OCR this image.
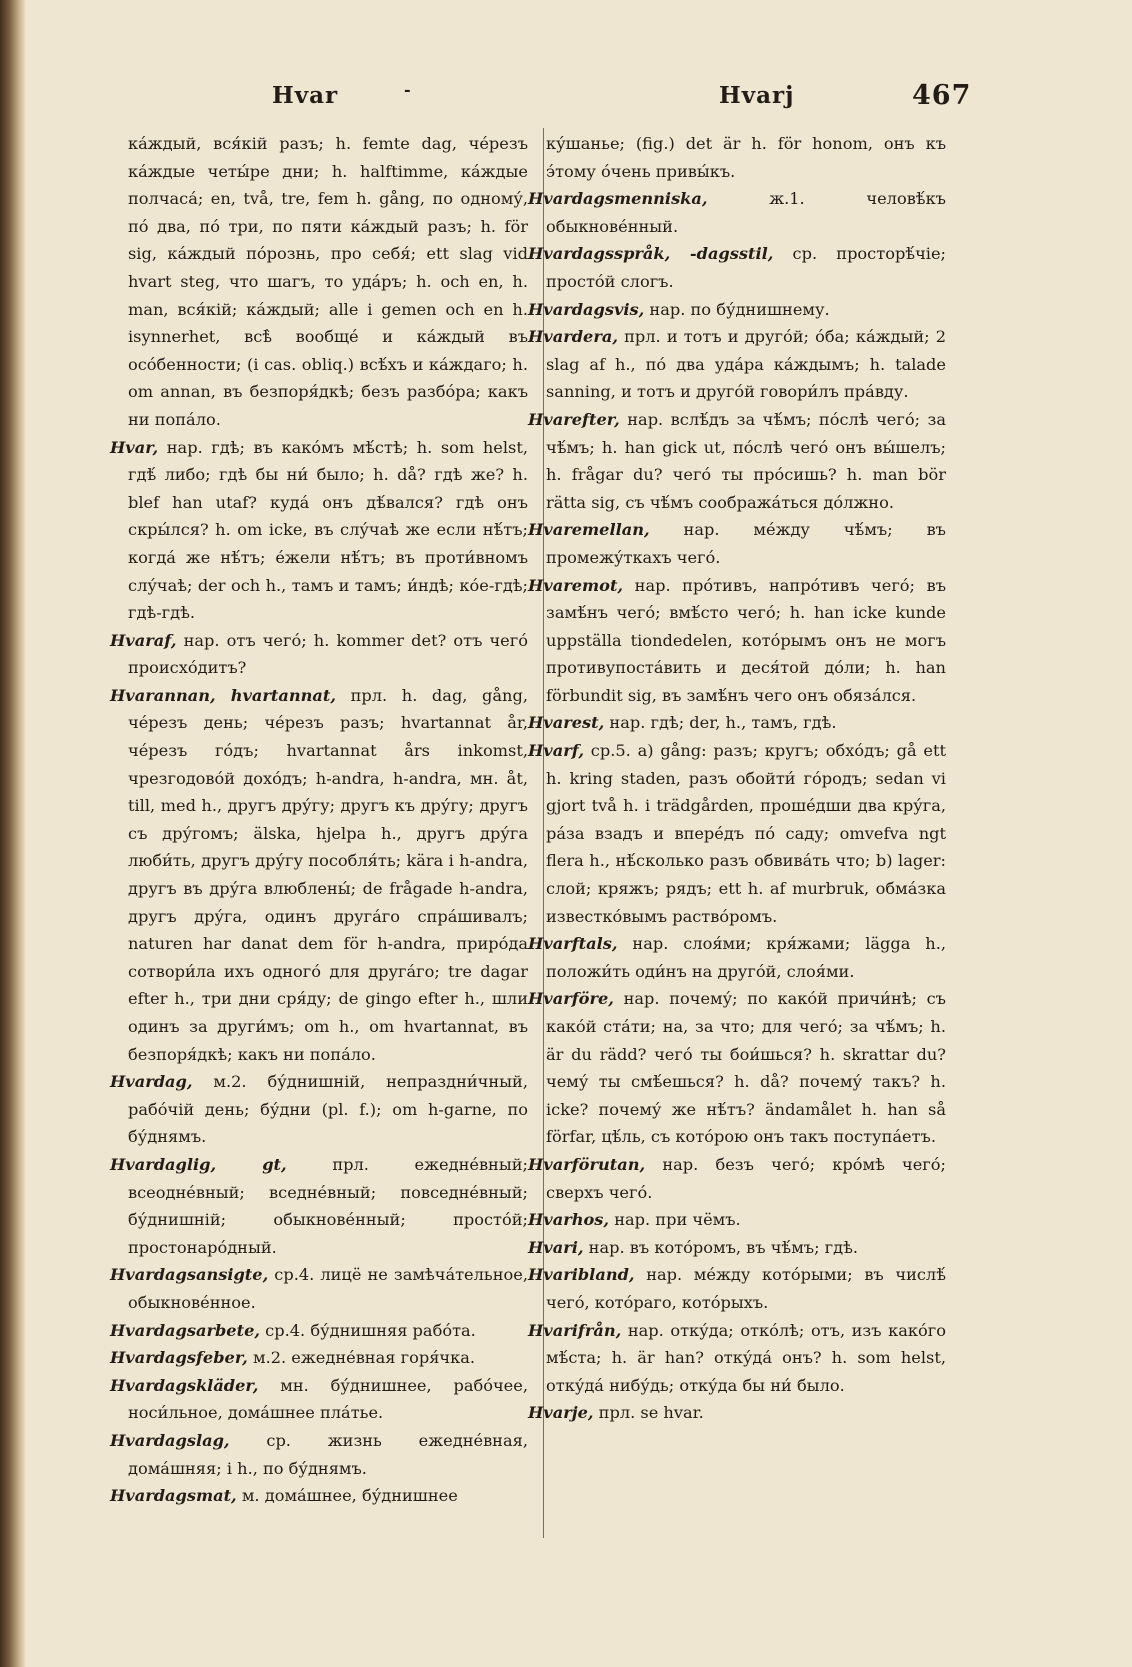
Hvar	-	Hvarj	467

ка́ждый, вся́кій разъ; h. femte dag, че́резъ ка́ждые четы́ре дни; h. halftimme, ка́ждые полчаса́; en, två, tre, fem h. gång, по одному́, по́ два, по́ три, по пяти ка́ждый разъ; h. för sig, ка́ждый по́рознь, про себя́; ett slag vid hvart steg, что шагъ, то уда́ръ; h. och en, h. man, вся́кій; ка́ждый; alle i gemen och en h. isynnerhet, всѣ̀ вообще́ и ка́ждый въ осо́бенности; (i cas. obliq.) всѣ́хъ и ка́ждаго; h. om annan, въ безпоря́дкѣ; безъ разбо́ра; какъ ни попа́ло.

Hvar, нар. гдѣ; въ како́мъ мѣ́стѣ; h. som helst, гдѣ́ либо; гдѣ бы ни́ было; h. då? гдѣ же? h. blef han utaf? куда́ онъ дѣ́вался? гдѣ онъ скры́лся? h. om icke, въ слу́чаѣ же если нѣ́тъ; когда́ же нѣ́тъ; е́жели нѣ́тъ; въ проти́вномъ слу́чаѣ; der och h., тамъ и тамъ; и́ндѣ; ко́е-гдѣ; гдѣ-гдѣ.

Hvaraf, нар. отъ чего́; h. kommer det? отъ чего́ происхо́дитъ?

Hvarannan, hvartannat, прл. h. dag, gång, че́резъ день; че́резъ разъ; hvartannat år, че́резъ го́дъ; hvartannat års inkomst, чрезгодово́й дохо́дъ; h-andra, h-andra, мн. åt, till, med h., другъ дру́гу; другъ къ дру́гу; другъ съ дру́гомъ; älska, hjelpa h., другъ дру́га люби́ть, другъ дру́гу пособля́ть; kära i h-andra, другъ въ дру́га влюблены́; de frågade h-andra, другъ дру́га, одинъ друга́го спра́шивалъ; naturen har danat dem för h-andra, приро́да сотвори́ла ихъ одного́ для друга́го; tre dagar efter h., три дни сря́ду; de gingo efter h., шли одинъ за други́мъ; om h., om hvartannat, въ безпоря́дкѣ; какъ ни попа́ло.

Hvardag, м.2. бу́днишній, непраздни́чный, рабо́чій день; бу́дни (pl. f.); om h-garne, по бу́днямъ.

Hvardaglig, gt,	прл. ежедне́вный; всеодне́вный; вседне́вный; повседне́вный; бу́днишній; обыкнове́нный; просто́й; простонаро́дный.

Hvardagsansigte, ср.4. лицё не замѣча́тельное, обыкнове́нное.

Hvardagsarbete, ср.4. бу́днишняя рабо́та.

Hvardagsfeber, м.2. ежедне́вная горя́чка.

Hvardagskläder, мн. бу́днишнее, рабо́чее, носи́льное, дома́шнее пла́тье.

Hvardagslag, ср. жизнь ежедне́вная, дома́шняя; i h., по бу́днямъ.

Hvardagsmat, м. дома́шнее, бу́днишнее

ку́шанье; (fig.) det är h. för honom, онъ къ э́тому о́чень привы́къ.

Hvardagsmenniska,	ж.1. человѣ́къ обыкнове́нный.

Hvardagsspråk, -dagsstil, ср. просторѣ́чіе; просто́й слогъ.

Hvardagsvis, нар. по бу́днишнему.

Hvardera, прл. и тотъ и друго́й; о́ба; ка́ждый; 2 slag af h., по́ два уда́ра ка́ждымъ; h. talade sanning, и тотъ и друго́й говори́лъ пра́вду.

Hvarefter, нар. вслѣ́дъ за чѣ́мъ; по́слѣ чего́; за чѣ́мъ; h. han gick ut, по́слѣ чего́ онъ вы́шелъ; h. frågar du? чего́ ты про́сишь? h. man bör rätta sig, съ чѣ́мъ сообража́ться до́лжно.

Hvaremellan, нар. ме́жду чѣ́мъ; въ промежу́ткахъ чего́.

Hvaremot, нар. про́тивъ, напро́тивъ чего́; въ замѣ́нъ чего́; вмѣ́сто чего́; h. han icke kunde uppställa tiondedelen, кото́рымъ онъ не могъ противупоста́вить и деся́той до́ли; h. han förbundit sig, въ замѣ́нъ чего онъ обяза́лся.

Hvarest, нар. гдѣ; der, h., тамъ, гдѣ.

Hvarf, ср.5. a) gång: разъ; кругъ; обхо́дъ; gå ett h. kring staden, разъ обойти́ го́родъ; sedan vi gjort två h. i trädgården, проше́дши два кру́га, ра́за взадъ и впере́дъ по́ саду; omvefva ngt flera h., нѣ́сколько разъ обвива́ть что; b) lager: слой; кряжъ; рядъ; ett h. af murbruk, обма́зка известко́вымъ раство́ромъ.

Hvarftals, нар. слоя́ми; кря́жами; lägga h., положи́ть оди́нъ на друго́й, слоя́ми.

Hvarföre, нар. почему́; по како́й причи́нѣ; съ како́й ста́ти; на, за что; для чего́; за чѣ́мъ; h. är du rädd? чего́ ты бои́шься? h. skrattar du? чему́ ты смѣ́ешься? h. då? почему́ такъ? h. icke? почему́ же нѣ́тъ? ändamålet h. han så förfar, цѣ́ль, съ кото́рою онъ такъ поступа́етъ.

Hvarförutan, нар. безъ чего́; кро́мѣ чего́; сверхъ чего́.

Hvarhos, нар. при чёмъ.

Hvari, нар. въ кото́ромъ, въ чѣ́мъ; гдѣ.

Hvaribland, нар. ме́жду кото́рыми; въ числѣ́ чего́, кото́раго, кото́рыхъ.

Hvarifrån, нар. отку́да; отко́лѣ; отъ, изъ како́го мѣ́ста; h. är han? отку́да́ онъ? h. som helst, отку́да́ нибу́дь; отку́да бы ни́ было.

Hvarje, прл. se hvar.
